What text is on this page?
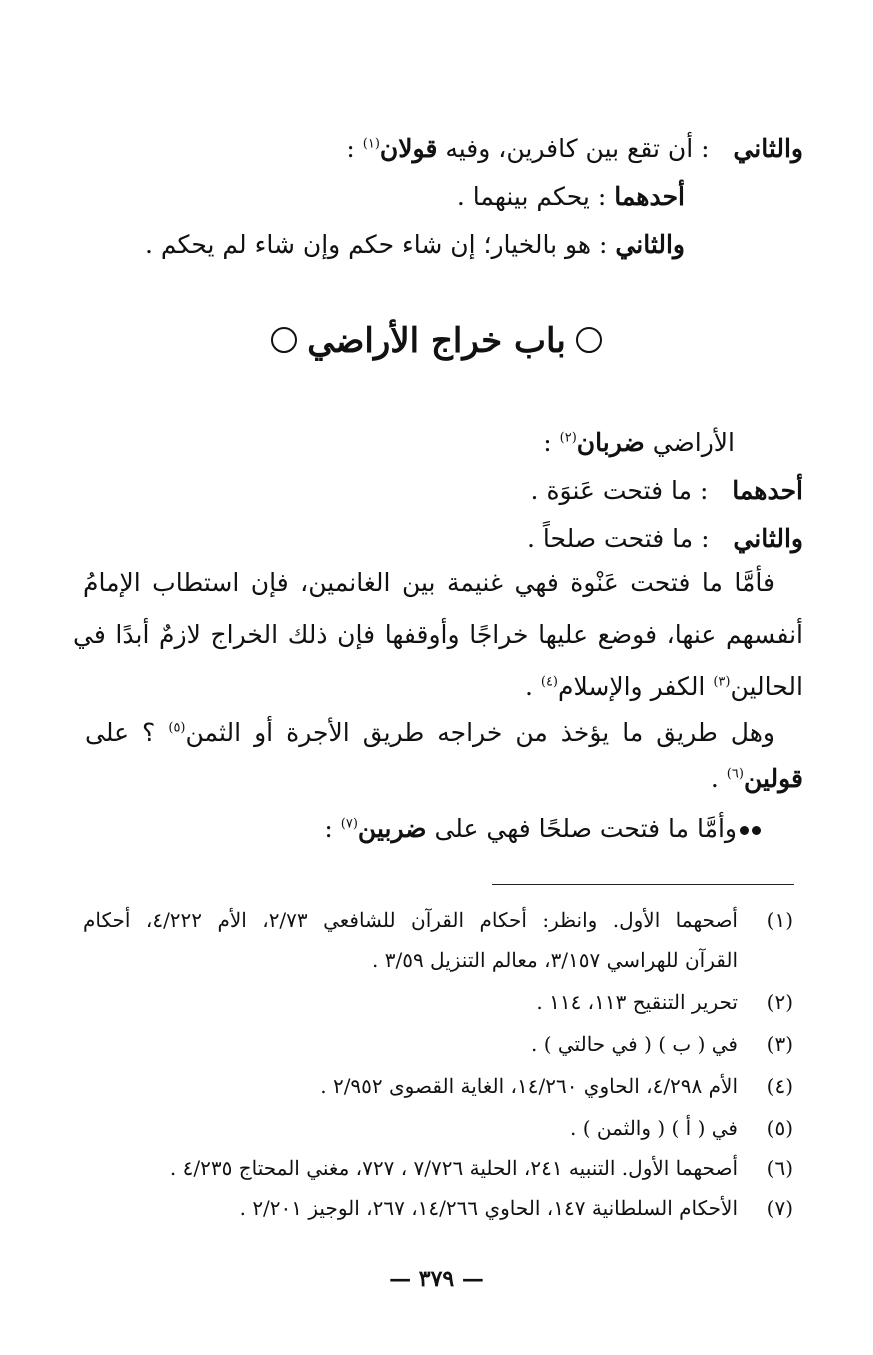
والثاني   : أن تقع بين كافرين، وفيه قولان$^{(١)}$ :
أحدهما : يحكم بينهما .
والثاني : هو بالخيار؛ إن شاء حكم وإن شاء لم يحكم .
باب خراج الأراضي
الأراضي ضربان$^{(٢)}$ :
أحدهما   : ما فتحت عَنوَة .
والثاني   : ما فتحت صلحاً .
فأمَّا ما فتحت عَنْوة فهي غنيمة بين الغانمين، فإن استطاب الإمامُ
أنفسهم عنها، فوضع عليها خراجًا وأوقفها فإن ذلك الخراج لازمٌ أبدًا في
الحالين$^{(٣)}$ الكفر والإسلام$^{(٤)}$ .
وهل طريق ما يؤخذ من خراجه طريق الأجرة أو الثمن$^{(٥)}$ ؟ على
قولين$^{(٦)}$ .
وأمَّا ما فتحت صلحًا فهي على ضربين$^{(٧)}$ :
(١)
أصحهما الأول. وانظر: أحكام القرآن للشافعي ٢/٧٣، الأم ٤/٢٢٢، أحكام
القرآن للهراسي ٣/١٥٧، معالم التنزيل ٣/٥٩ .
(٢)
تحرير التنقيح ١١٣، ١١٤ .
(٣)
في ( ب ) ( في حالتي ) .
(٤)
الأم ٤/٢٩٨، الحاوي ١٤/٢٦٠، الغاية القصوى ٢/٩٥٢ .
(٥)
في ( أ ) ( والثمن ) .
(٦)
أصحهما الأول. التنبيه ٢٤١، الحلية ٧/٧٢٦ ، ٧٢٧، مغني المحتاج ٤/٢٣٥ .
(٧)
الأحكام السلطانية ١٤٧، الحاوي ١٤/٢٦٦، ٢٦٧، الوجيز ٢/٢٠١ .
— ٣٧٩ —
